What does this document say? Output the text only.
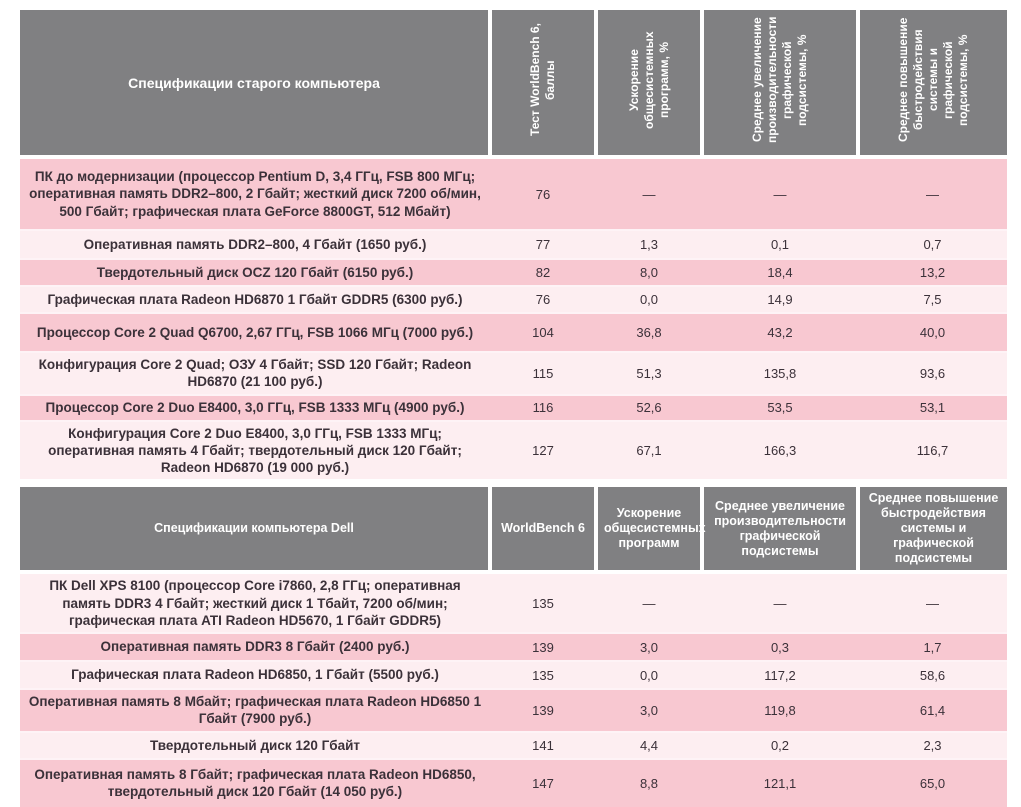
Спецификации старого компьютера	Тест WorldBench 6, баллы	Ускорение общесистемных программ, %	Среднее увеличение производительности графической подсистемы, %	Среднее повышение быстродействия системы и графической подсистемы, %
ПК до модернизации (процессор Pentium D, 3,4 ГГц, FSB 800 МГц; оперативная память DDR2–800, 2 Гбайт; жесткий диск 7200 об/мин, 500 Гбайт; графическая плата GeForce 8800GT, 512 Мбайт)	76	—	—	—
Оперативная память DDR2–800, 4 Гбайт (1650 руб.)	77	1,3	0,1	0,7
Твердотельный диск OCZ 120 Гбайт (6150 руб.)	82	8,0	18,4	13,2
Графическая плата Radeon HD6870 1 Гбайт GDDR5 (6300 руб.)	76	0,0	14,9	7,5
Процессор Core 2 Quad Q6700, 2,67 ГГц, FSB 1066 МГц (7000 руб.)	104	36,8	43,2	40,0
Конфигурация Core 2 Quad; ОЗУ 4 Гбайт; SSD 120 Гбайт; Radeon HD6870 (21 100 руб.)	115	51,3	135,8	93,6
Процессор Core 2 Duo E8400, 3,0 ГГц, FSB 1333 МГц (4900 руб.)	116	52,6	53,5	53,1
Конфигурация Core 2 Duo E8400, 3,0 ГГц, FSB 1333 МГц; оперативная память 4 Гбайт; твердотельный диск 120 Гбайт; Radeon HD6870 (19 000 руб.)	127	67,1	166,3	116,7
Спецификации компьютера Dell	WorldBench 6	Ускорение общесистемных программ	Среднее увеличение производительности графической подсистемы	Среднее повышение быстродействия системы и графической подсистемы
ПК Dell XPS 8100 (процессор Core i7860, 2,8 ГГц; оперативная память DDR3 4 Гбайт; жесткий диск 1 Тбайт, 7200 об/мин; графическая плата ATI Radeon HD5670, 1 Гбайт GDDR5)	135	—	—	—
Оперативная память DDR3 8 Гбайт (2400 руб.)	139	3,0	0,3	1,7
Графическая плата Radeon HD6850, 1 Гбайт (5500 руб.)	135	0,0	117,2	58,6
Оперативная память 8 Мбайт; графическая плата Radeon HD6850 1 Гбайт (7900 руб.)	139	3,0	119,8	61,4
Твердотельный диск 120 Гбайт	141	4,4	0,2	2,3
Оперативная память 8 Гбайт; графическая плата Radeon HD6850, твердотельный диск 120 Гбайт (14 050 руб.)	147	8,8	121,1	65,0
